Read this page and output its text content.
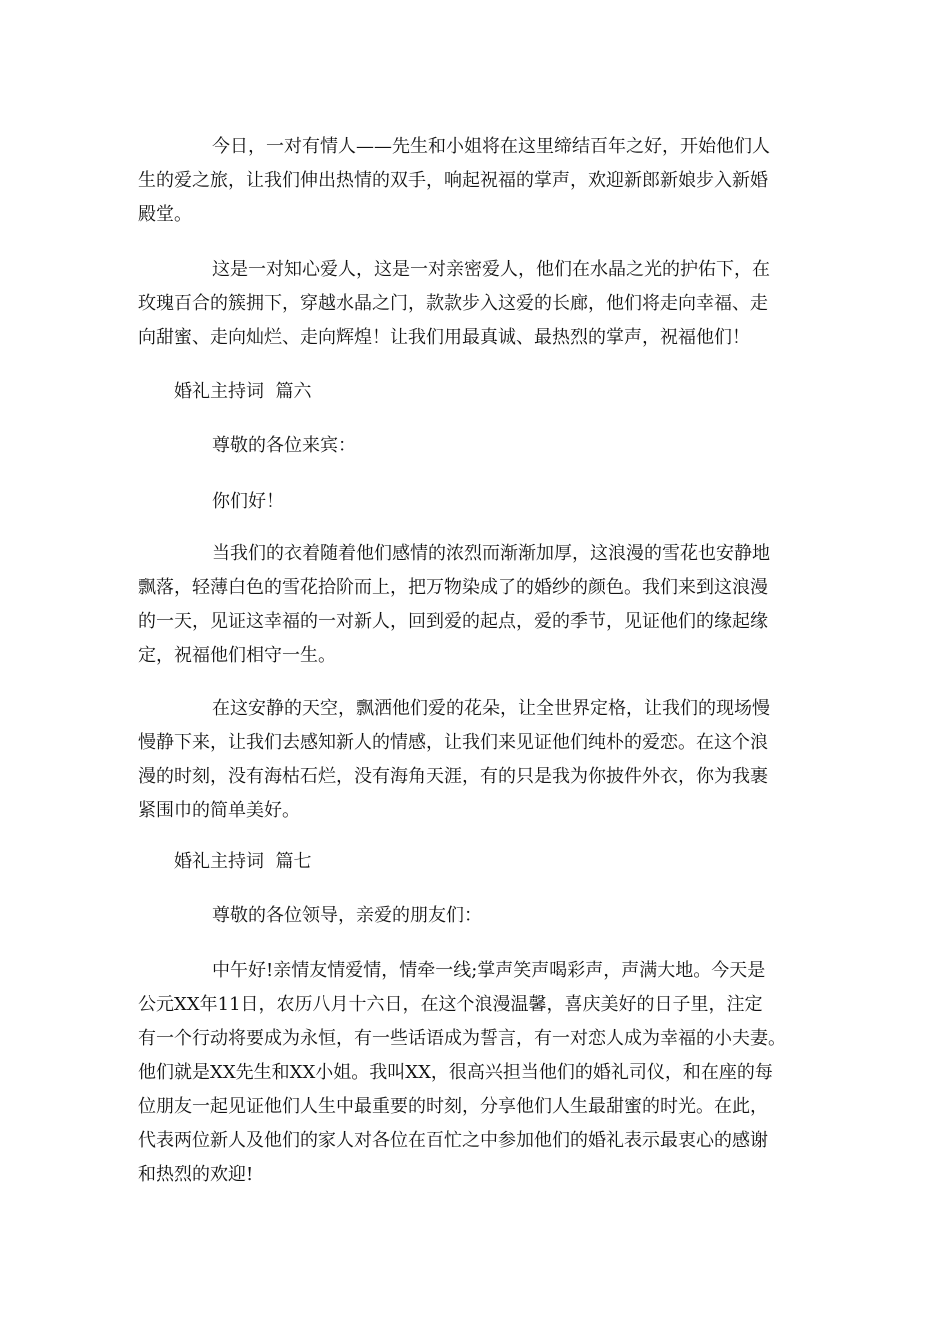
今日，一对有情人——先生和小姐将在这里缔结百年之好，开始他们人
生的爱之旅，让我们伸出热情的双手，响起祝福的掌声，欢迎新郎新娘步入新婚
殿堂。
这是一对知心爱人，这是一对亲密爱人，他们在水晶之光的护佑下，在
玫瑰百合的簇拥下，穿越水晶之门，款款步入这爱的长廊，他们将走向幸福、走
向甜蜜、走向灿烂、走向辉煌！让我们用最真诚、最热烈的掌声，祝福他们！
婚礼主持词  篇六
尊敬的各位来宾：
你们好！
当我们的衣着随着他们感情的浓烈而渐渐加厚，这浪漫的雪花也安静地
飘落，轻薄白色的雪花拾阶而上，把万物染成了的婚纱的颜色。我们来到这浪漫
的一天，见证这幸福的一对新人，回到爱的起点，爱的季节，见证他们的缘起缘
定，祝福他们相守一生。
在这安静的天空，飘洒他们爱的花朵，让全世界定格，让我们的现场慢
慢静下来，让我们去感知新人的情感，让我们来见证他们纯朴的爱恋。在这个浪
漫的时刻，没有海枯石烂，没有海角天涯，有的只是我为你披件外衣，你为我裹
紧围巾的简单美好。
婚礼主持词  篇七
尊敬的各位领导，亲爱的朋友们：
中午好!亲情友情爱情，情牵一线;掌声笑声喝彩声，声满大地。今天是
公元XX年11日，农历八月十六日，在这个浪漫温馨，喜庆美好的日子里，注定
有一个行动将要成为永恒，有一些话语成为誓言，有一对恋人成为幸福的小夫妻。
他们就是XX先生和XX小姐。我叫XX，很高兴担当他们的婚礼司仪，和在座的每
位朋友一起见证他们人生中最重要的时刻，分享他们人生最甜蜜的时光。在此，
代表两位新人及他们的家人对各位在百忙之中参加他们的婚礼表示最衷心的感谢
和热烈的欢迎!
